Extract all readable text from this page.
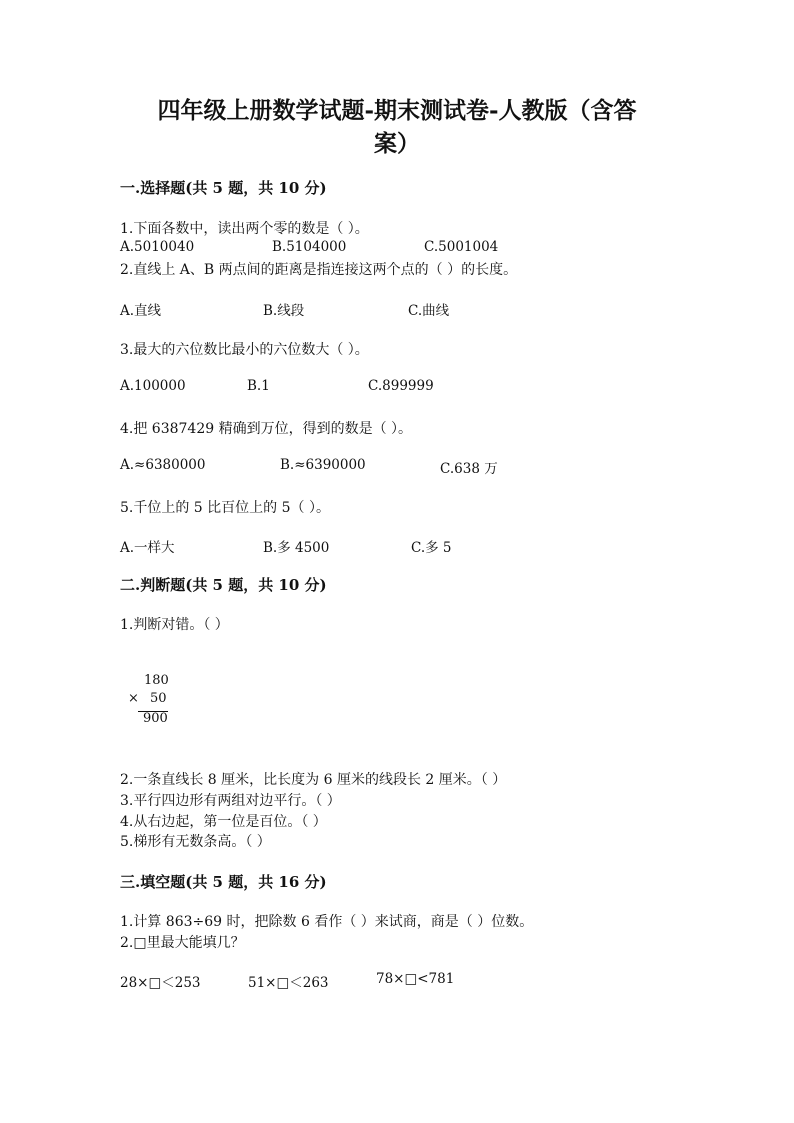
四年级上册数学试题-期末测试卷-人教版（含答
案）
一.选择题(共 5 题，共 10 分)
1.下面各数中，读出两个零的数是（ ）。
A.5010040	B.5104000	C.5001004
2.直线上 A、B 两点间的距离是指连接这两个点的（ ）的长度。
A.直线	B.线段	C.曲线
3.最大的六位数比最小的六位数大（ ）。
A.100000	B.1	C.899999
4.把 6387429 精确到万位，得到的数是（ ）。
A.≈6380000	B.≈6390000	C.638 万
5.千位上的 5 比百位上的 5（ ）。
A.一样大	B.多 4500	C.多 5
二.判断题(共 5 题，共 10 分)
1.判断对错。（ ）
180
× 50
900
2.一条直线长 8 厘米，比长度为 6 厘米的线段长 2 厘米。（ ）
3.平行四边形有两组对边平行。（ ）
4.从右边起，第一位是百位。（ ）
5.梯形有无数条高。（ ）
三.填空题(共 5 题，共 16 分)
1.计算 863÷69 时，把除数 6 看作（ ）来试商，商是（ ）位数。
2.□里最大能填几？
28×□＜253	51×□＜263	78×□<781
